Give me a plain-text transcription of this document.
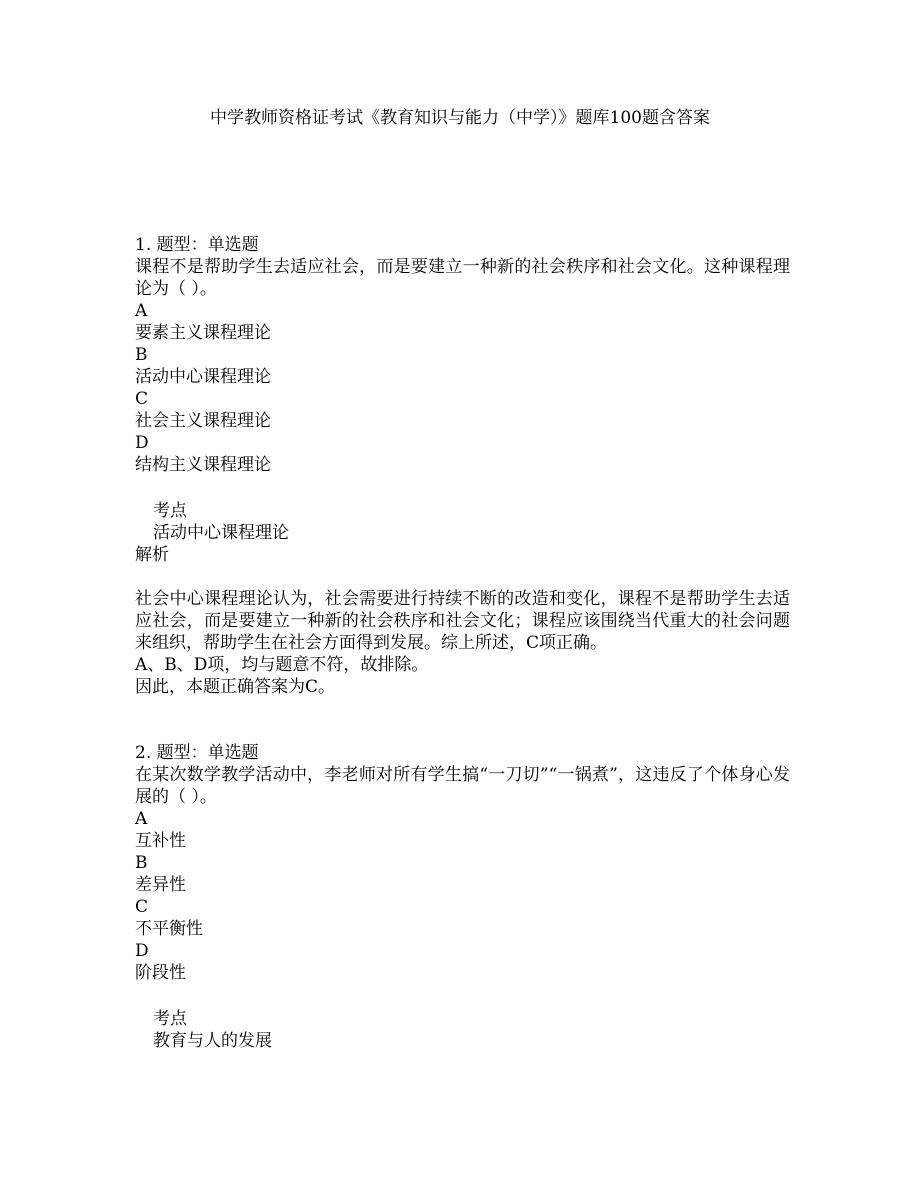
中学教师资格证考试《教育知识与能力（中学）》题库100题含答案
1. 题型：单选题
课程不是帮助学生去适应社会，而是要建立一种新的社会秩序和社会文化。这种课程理论为（ ）。
A
要素主义课程理论
B
活动中心课程理论
C
社会主义课程理论
D
结构主义课程理论
考点
活动中心课程理论
解析
社会中心课程理论认为，社会需要进行持续不断的改造和变化，课程不是帮助学生去适应社会，而是要建立一种新的社会秩序和社会文化；课程应该围绕当代重大的社会问题来组织，帮助学生在社会方面得到发展。综上所述，C项正确。
A、B、D项，均与题意不符，故排除。
因此，本题正确答案为C。
2. 题型：单选题
在某次数学教学活动中，李老师对所有学生搞“一刀切”“一锅煮”，这违反了个体身心发展的（ ）。
A
互补性
B
差异性
C
不平衡性
D
阶段性
考点
教育与人的发展
